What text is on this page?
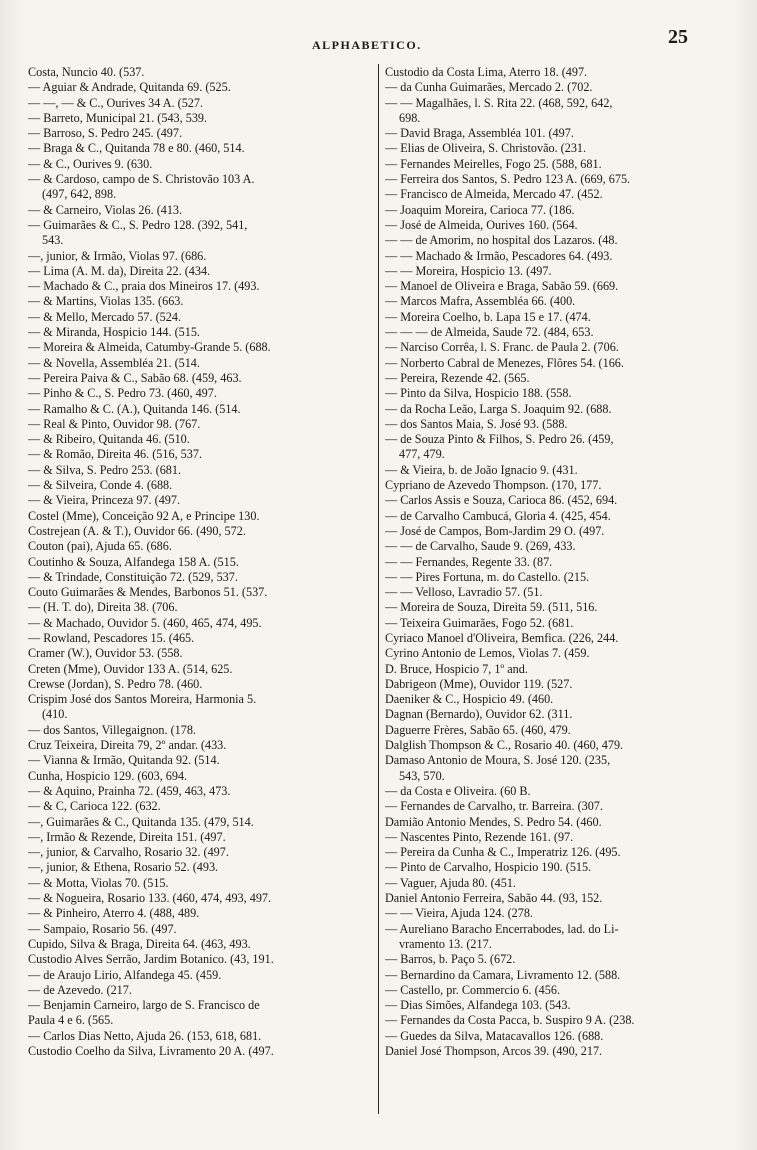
ALPHABETICO.	25
Costa, Nuncio 40. (537.
— Aguiar & Andrade, Quitanda 69. (525.
— —, — & C., Ourives 34 A. (527.
— Barreto, Municipal 21. (543, 539.
— Barroso, S. Pedro 245. (497.
— Braga & C., Quitanda 78 e 80. (460, 514.
— & C., Ourives 9. (630.
— & Cardoso, campo de S. Christovão 103 A.
(497, 642, 898.
— & Carneiro, Violas 26. (413.
— Guimarães & C., S. Pedro 128. (392, 541,
543.
—, junior, & Irmão, Violas 97. (686.
— Lima (A. M. da), Direita 22. (434.
— Machado & C., praia dos Mineiros 17. (493.
— & Martins, Violas 135. (663.
— & Mello, Mercado 57. (524.
— & Miranda, Hospicio 144. (515.
— Moreira & Almeida, Catumby-Grande 5. (688.
— & Novella, Assembléa 21. (514.
— Pereira Paiva & C., Sabão 68. (459, 463.
— Pinho & C., S. Pedro 73. (460, 497.
— Ramalho & C. (A.), Quitanda 146. (514.
— Real & Pinto, Ouvidor 98. (767.
— & Ribeiro, Quitanda 46. (510.
— & Romão, Direita 46. (516, 537.
— & Silva, S. Pedro 253. (681.
— & Silveira, Conde 4. (688.
— & Vieira, Princeza 97. (497.
Costel (Mme), Conceição 92 A, e Principe 130.
Costrejean (A. & T.), Ouvidor 66. (490, 572.
Couton (pai), Ajuda 65. (686.
Coutinho & Souza, Alfandega 158 A. (515.
— & Trindade, Constituição 72. (529, 537.
Couto Guimarães & Mendes, Barbonos 51. (537.
— (H. T. do), Direita 38. (706.
— & Machado, Ouvidor 5. (460, 465, 474, 495.
— Rowland, Pescadores 15. (465.
Cramer (W.), Ouvidor 53. (558.
Creten (Mme), Ouvidor 133 A. (514, 625.
Crewse (Jordan), S. Pedro 78. (460.
Crispim José dos Santos Moreira, Harmonia 5.
(410.
— dos Santos, Villegaignon. (178.
Cruz Teixeira, Direita 79, 2º andar. (433.
— Vianna & Irmão, Quitanda 92. (514.
Cunha, Hospicio 129. (603, 694.
— & Aquino, Prainha 72. (459, 463, 473.
— & C, Carioca 122. (632.
—, Guimarães & C., Quitanda 135. (479, 514.
—, Irmão & Rezende, Direita 151. (497.
—, junior, & Carvalho, Rosario 32. (497.
—, junior, & Ethena, Rosario 52. (493.
— & Motta, Violas 70. (515.
— & Nogueira, Rosario 133. (460, 474, 493, 497.
— & Pinheiro, Aterro 4. (488, 489.
— Sampaio, Rosario 56. (497.
Cupido, Silva & Braga, Direita 64. (463, 493.
Custodio Alves Serrão, Jardim Botanico. (43, 191.
— de Araujo Lirio, Alfandega 45. (459.
— de Azevedo. (217.
— Benjamin Carneiro, largo de S. Francisco de
Paula 4 e 6. (565.
— Carlos Dias Netto, Ajuda 26. (153, 618, 681.
Custodio Coelho da Silva, Livramento 20 A. (497.
Custodio da Costa Lima, Aterro 18. (497.
— da Cunha Guimarães, Mercado 2. (702.
— — Magalhães, l. S. Rita 22. (468, 592, 642,
698.
— David Braga, Assembléa 101. (497.
— Elias de Oliveira, S. Christovão. (231.
— Fernandes Meirelles, Fogo 25. (588, 681.
— Ferreira dos Santos, S. Pedro 123 A. (669, 675.
— Francisco de Almeida, Mercado 47. (452.
— Joaquim Moreira, Carioca 77. (186.
— José de Almeida, Ourives 160. (564.
— — de Amorim, no hospital dos Lazaros. (48.
— — Machado & Irmão, Pescadores 64. (493.
— — Moreira, Hospicio 13. (497.
— Manoel de Oliveira e Braga, Sabão 59. (669.
— Marcos Mafra, Assembléa 66. (400.
— Moreira Coelho, b. Lapa 15 e 17. (474.
— — — de Almeida, Saude 72. (484, 653.
— Narciso Corrêa, l. S. Franc. de Paula 2. (706.
— Norberto Cabral de Menezes, Flôres 54. (166.
— Pereira, Rezende 42. (565.
— Pinto da Silva, Hospicio 188. (558.
— da Rocha Leão, Larga S. Joaquim 92. (688.
— dos Santos Maia, S. José 93. (588.
— de Souza Pinto & Filhos, S. Pedro 26. (459,
477, 479.
— & Vieira, b. de João Ignacio 9. (431.
Cypriano de Azevedo Thompson. (170, 177.
— Carlos Assis e Souza, Carioca 86. (452, 694.
— de Carvalho Cambucá, Gloria 4. (425, 454.
— José de Campos, Bom-Jardim 29 O. (497.
— — de Carvalho, Saude 9. (269, 433.
— — Fernandes, Regente 33. (87.
— — Pires Fortuna, m. do Castello. (215.
— — Velloso, Lavradio 57. (51.
— Moreira de Souza, Direita 59. (511, 516.
— Teixeira Guimarães, Fogo 52. (681.
Cyriaco Manoel d'Oliveira, Bemfica. (226, 244.
Cyrino Antonio de Lemos, Violas 7. (459.
D. Bruce, Hospicio 7, 1º and.
Dabrigeon (Mme), Ouvidor 119. (527.
Daeniker & C., Hospicio 49. (460.
Dagnan (Bernardo), Ouvidor 62. (311.
Daguerre Frères, Sabão 65. (460, 479.
Dalglish Thompson & C., Rosario 40. (460, 479.
Damaso Antonio de Moura, S. José 120. (235,
543, 570.
— da Costa e Oliveira. (60 B.
— Fernandes de Carvalho, tr. Barreira. (307.
Damião Antonio Mendes, S. Pedro 54. (460.
— Nascentes Pinto, Rezende 161. (97.
— Pereira da Cunha & C., Imperatriz 126. (495.
— Pinto de Carvalho, Hospicio 190. (515.
— Vaguer, Ajuda 80. (451.
Daniel Antonio Ferreira, Sabão 44. (93, 152.
— — Vieira, Ajuda 124. (278.
— Aureliano Baracho Encerrabodes, lad. do Li-
vramento 13. (217.
— Barros, b. Paço 5. (672.
— Bernardino da Camara, Livramento 12. (588.
— Castello, pr. Commercio 6. (456.
— Dias Simões, Alfandega 103. (543.
— Fernandes da Costa Pacca, b. Suspiro 9 A. (238.
— Guedes da Silva, Matacavallos 126. (688.
Daniel José Thompson, Arcos 39. (490, 217.
